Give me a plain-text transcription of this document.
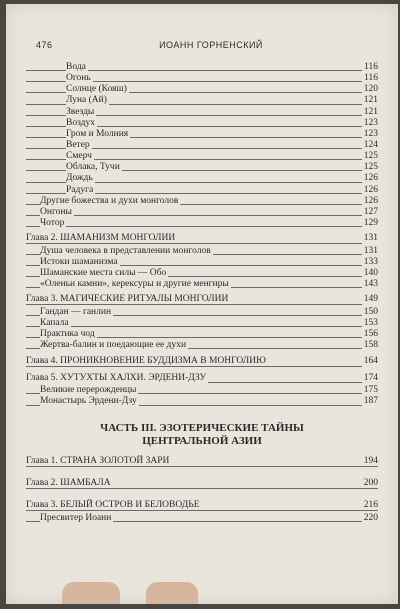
476	ИОАНН ГОРНЕНСКИЙ
Вода	116
Огонь	116
Солнце (Кояш)	120
Луна (Ай)	121
Звезды	121
Воздух	123
Гром и Молния	123
Ветер	124
Смерч	125
Облака, Тучи	125
Дождь	126
Радуга	126
Другие божества и духи монголов	126
Онгоны	127
Чотор	129
Глава 2. ШАМАНИЗМ МОНГОЛИИ	131
Душа человека в представлении монголов	131
Истоки шаманизма	133
Шаманские места силы — Обо	140
«Оленьи камни», керексуры и другие менгиры	143
Глава 3. МАГИЧЕСКИЕ РИТУАЛЫ МОНГОЛИИ	149
Гандан — ганлин	150
Капала	153
Практика чод	156
Жертва-балин и поедающие ее духи	158
Глава 4. ПРОНИКНОВЕНИЕ БУДДИЗМА В МОНГОЛИЮ	164
Глава 5. ХУТУХТЫ ХАЛХИ. ЭРДЕНИ-ДЗУ	174
Великие перерожденцы	175
Монастырь Эрдени-Дзу	187
ЧАСТЬ III. ЭЗОТЕРИЧЕСКИЕ ТАЙНЫ
ЦЕНТРАЛЬНОЙ АЗИИ
Глава 1. СТРАНА ЗОЛОТОЙ ЗАРИ	194
Глава 2. ШАМБАЛА	200
Глава 3. БЕЛЫЙ ОСТРОВ И БЕЛОВОДЬЕ	216
Пресвитер Иоанн	220
